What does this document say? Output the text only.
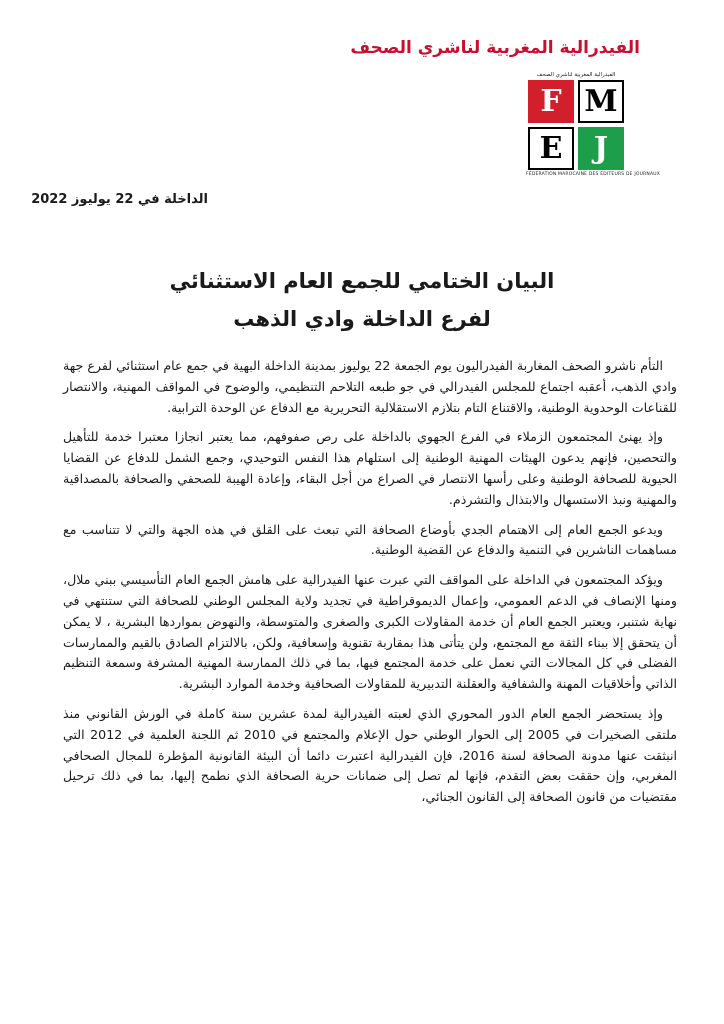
الفيدرالية المغربية لناشري الصحف
الفيدرالية المغربية لناشري الصحف
F M
E	J
FÉDÉRATION MAROCAINE DES ÉDITEURS DE JOURNAUX
الداخلة في 22 يوليوز 2022
البيان الختامي للجمع العام الاستثنائي
لفرع الداخلة وادي الذهب

التأم ناشرو الصحف المغاربة الفيدراليون يوم الجمعة 22 يوليوز بمدينة الداخلة البهية في جمع عام استثنائي لفرع جهة وادي الذهب، أعقبه اجتماع للمجلس الفيدرالي في جو طبعه التلاحم التنظيمي، والوضوح في المواقف المهنية، والانتصار للقناعات الوحدوية الوطنية، والاقتناع التام بتلازم الاستقلالية التحريرية مع الدفاع عن الوحدة الترابية.

وإذ يهنئ المجتمعون الزملاء في الفرع الجهوي بالداخلة على رص صفوفهم، مما يعتبر انجازا معتبرا خدمة للتأهيل والتحصين، فإنهم يدعون الهيئات المهنية الوطنية إلى استلهام هذا النفس التوحيدي، وجمع الشمل للدفاع عن القضايا الحيوية للصحافة الوطنية وعلى رأسها الانتصار في الصراع من أجل البقاء، وإعادة الهيبة للصحفي والصحافة بالمصداقية والمهنية ونبذ الاستسهال والابتذال والتشرذم.

ويدعو الجمع العام إلى الاهتمام الجدي بأوضاع الصحافة التي تبعث على القلق في هذه الجهة والتي لا تتناسب مع مساهمات الناشرين في التنمية والدفاع عن القضية الوطنية.

ويؤكد المجتمعون في الداخلة على المواقف التي عبرت عنها الفيدرالية على هامش الجمع العام التأسيسي ببني ملال، ومنها الإنصاف في الدعم العمومي، وإعمال الديموقراطية في تجديد ولاية المجلس الوطني للصحافة التي ستنتهي في نهاية شتنبر، ويعتبر الجمع العام أن خدمة المقاولات الكبرى والصغرى والمتوسطة، والنهوض بمواردها البشرية ، لا يمكن أن يتحقق إلا ببناء الثقة مع المجتمع، ولن يتأتى هذا بمقاربة تقنوية وإسعافية، ولكن، بالالتزام الصادق بالقيم والممارسات الفضلى في كل المجالات التي نعمل على خدمة المجتمع فيها، بما في ذلك الممارسة المهنية المشرفة وسمعة التنظيم الذاتي وأخلاقيات المهنة والشفافية والعقلنة التدبيرية للمقاولات الصحافية وخدمة الموارد البشرية.

وإذ يستحضر الجمع العام الدور المحوري الذي لعبته الفيدرالية لمدة عشرين سنة كاملة في الورش القانوني منذ ملتقى الصخيرات في 2005 إلى الحوار الوطني حول الإعلام والمجتمع في 2010 ثم اللجنة العلمية في 2012 التي انبثقت عنها مدونة الصحافة لسنة 2016، فإن الفيدرالية اعتبرت دائما أن البيئة القانونية المؤطرة للمجال الصحافي المغربي، وإن حققت بعض التقدم، فإنها لم تصل إلى ضمانات حرية الصحافة الذي نطمح إليها، بما في ذلك ترحيل مقتضيات من قانون الصحافة إلى القانون الجنائي،
